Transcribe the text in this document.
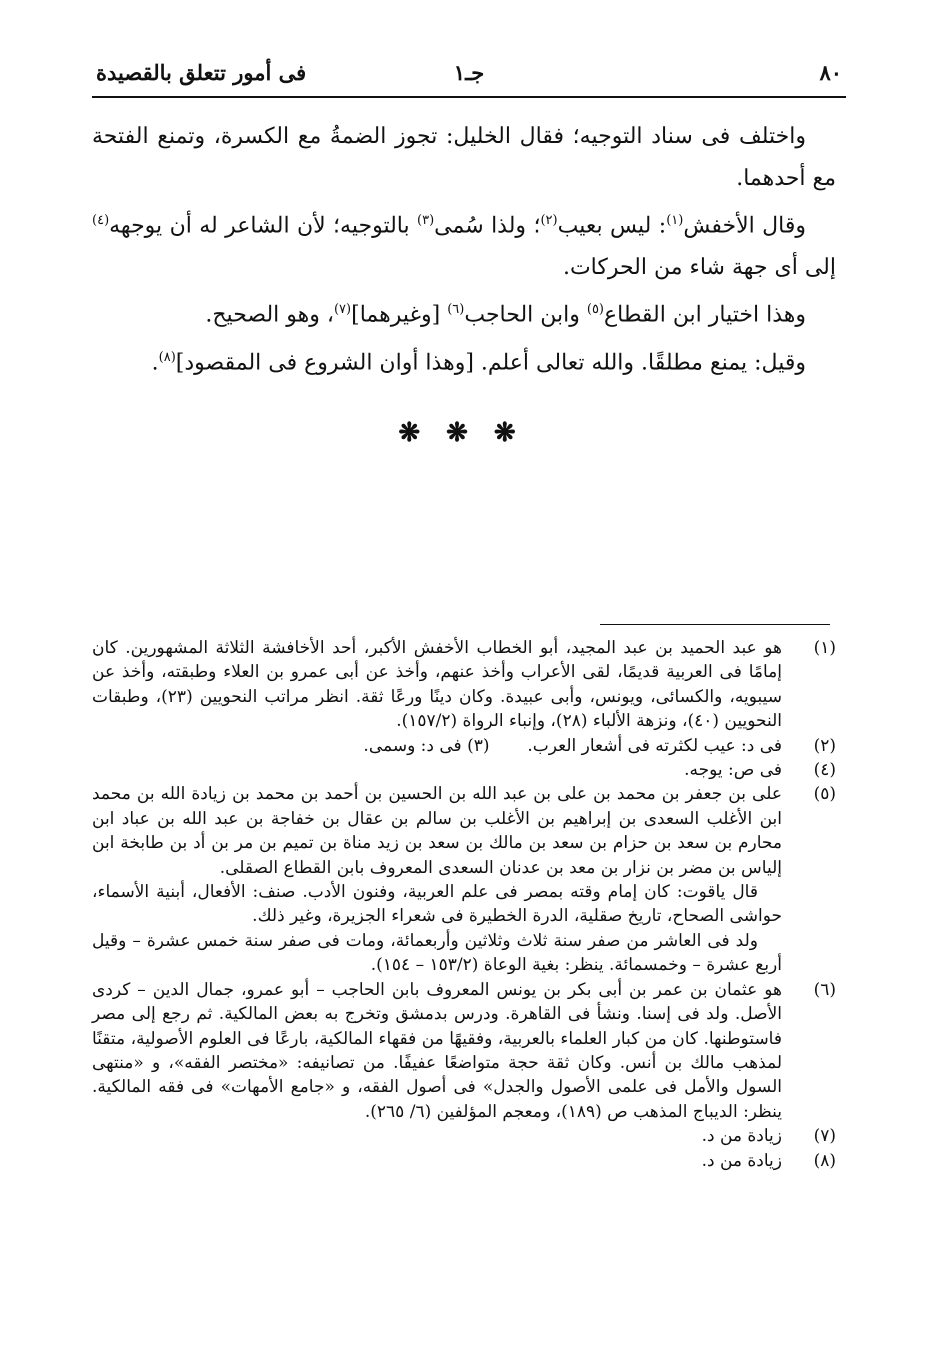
٨٠
جـ١
فى أمور تتعلق بالقصيدة

واختلف فى سناد التوجيه؛ فقال الخليل: تجوز الضمةُ مع الكسرة، وتمنع الفتحة مع أحدهما.

وقال الأخفش$^{(١)}$: ليس بعيب$^{(٢)}$؛ ولذا سُمى$^{(٣)}$ بالتوجيه؛ لأن الشاعر له أن يوجهه$^{(٤)}$ إلى أى جهة شاء من الحركات.

وهذا اختيار ابن القطاع$^{(٥)}$ وابن الحاجب$^{(٦)}$ [وغيرهما]$^{(٧)}$، وهو الصحيح.

وقيل: يمنع مطلقًا. والله تعالى أعلم. [وهذا أوان الشروع فى المقصود]$^{(٨)}$.

❋❋❋
(١)

هو عبد الحميد بن عبد المجيد، أبو الخطاب الأخفش الأكبر، أحد الأخافشة الثلاثة المشهورين. كان إمامًا فى العربية قديمًا، لقى الأعراب وأخذ عنهم، وأخذ عن أبى عمرو بن العلاء وطبقته، وأخذ عن سيبويه، والكسائى، ويونس، وأبى عبيدة. وكان دينًا ورعًا ثقة. انظر مراتب النحويين (٢٣)، وطبقات النحويين (٤٠)، ونزهة الألباء (٢٨)، وإنباء الرواة (١٥٧/٢).

(٢)

فى د: عيب لكثرته فى أشعار العرب.       (٣) فى د: وسمى.

(٤)

فى ص: يوجه.

(٥)

على بن جعفر بن محمد بن على بن عبد الله بن الحسين بن أحمد بن محمد بن زيادة الله بن محمد ابن الأغلب السعدى بن إبراهيم بن الأغلب بن سالم بن عقال بن خفاجة بن عبد الله بن عباد ابن محارم بن سعد بن حزام بن سعد بن مالك بن سعد بن زيد مناة بن تميم بن مر بن أد بن طابخة ابن إلياس بن مضر بن نزار بن معد بن عدنان السعدى المعروف بابن القطاع الصقلى.

قال ياقوت: كان إمام وقته بمصر فى علم العربية، وفنون الأدب. صنف: الأفعال، أبنية الأسماء، حواشى الصحاح، تاريخ صقلية، الدرة الخطيرة فى شعراء الجزيرة، وغير ذلك.

ولد فى العاشر من صفر سنة ثلاث وثلاثين وأربعمائة، ومات فى صفر سنة خمس عشرة – وقيل أربع عشرة – وخمسمائة. ينظر: بغية الوعاة (١٥٣/٢ – ١٥٤).

(٦)

هو عثمان بن عمر بن أبى بكر بن يونس المعروف بابن الحاجب – أبو عمرو، جمال الدين – كردى الأصل. ولد فى إسنا. ونشأ فى القاهرة. ودرس بدمشق وتخرج به بعض المالكية. ثم رجع إلى مصر فاستوطنها. كان من كبار العلماء بالعربية، وفقيهًا من فقهاء المالكية، بارعًا فى العلوم الأصولية، متقنًا لمذهب مالك بن أنس. وكان ثقة حجة متواضعًا عفيفًا. من تصانيفه: «مختصر الفقه»، و «منتهى السول والأمل فى علمى الأصول والجدل» فى أصول الفقه، و «جامع الأمهات» فى فقه المالكية. ينظر: الديباج المذهب ص (١٨٩)، ومعجم المؤلفين (٦/ ٢٦٥).

(٧)

زيادة من د.

(٨)

زيادة من د.
